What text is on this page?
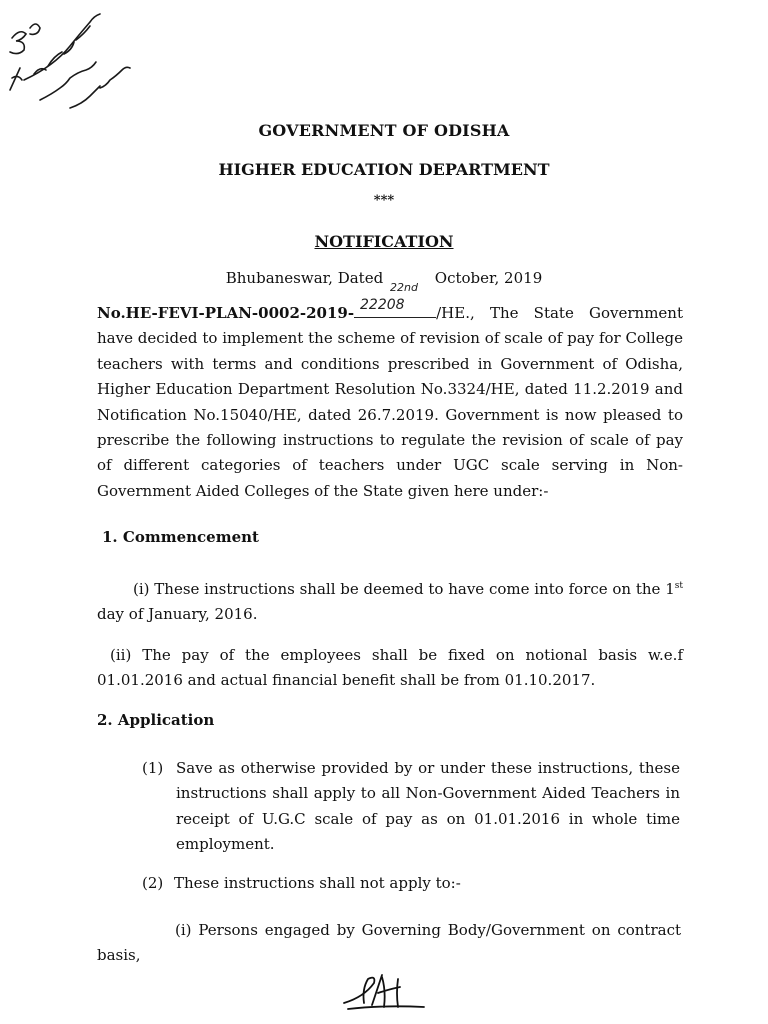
GOVERNMENT OF ODISHA
HIGHER EDUCATION DEPARTMENT
***
NOTIFICATION
Bhubaneswar, Dated
22nd
October, 2019
No.HE-FEVI-PLAN-0002-2019- 22208 /HE., The State Government have decided to implement the scheme of revision of scale of pay for College teachers with terms and conditions prescribed in Government of Odisha, Higher Education Department Resolution No.3324/HE, dated 11.2.2019 and Notification No.15040/HE, dated 26.7.2019. Government is now pleased to prescribe the following instructions to regulate the revision of scale of pay of different categories of teachers under UGC scale serving in Non-Government Aided Colleges of the State given here under:-
1. Commencement
(i) These instructions shall be deemed to have come into force on the 1st day of January, 2016.
(ii) The pay of the employees shall be fixed on notional basis w.e.f 01.01.2016 and actual financial benefit shall be from 01.10.2017.
2. Application
(1) Save as otherwise provided by or under these instructions, these instructions shall apply to all Non-Government Aided Teachers in receipt of U.G.C scale of pay as on 01.01.2016 in whole time employment.
(2) These instructions shall not apply to:-
(i) Persons engaged by Governing Body/Government on contract basis,
